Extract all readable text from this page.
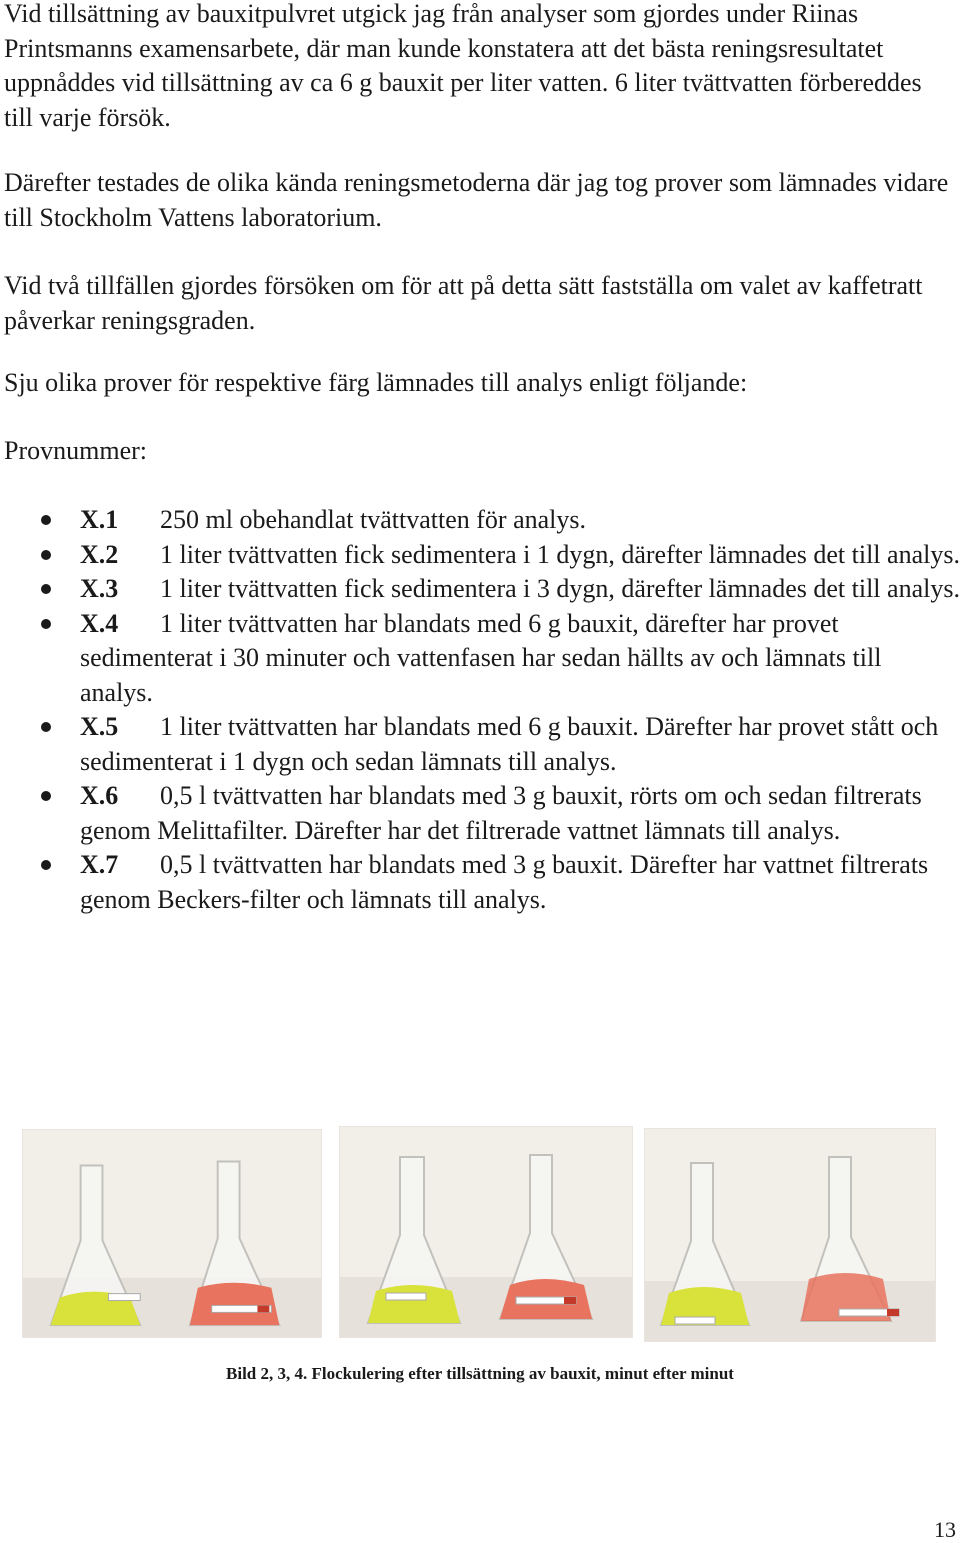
Vid tillsättning av bauxitpulvret utgick jag från analyser som gjordes under Riinas Printsmanns examensarbete, där man kunde konstatera att det bästa reningsresultatet uppnåddes vid tillsättning av ca 6 g bauxit per liter vatten. 6 liter tvättvatten förbereddes till varje försök.

Därefter testades de olika kända reningsmetoderna där jag tog prover som lämnades vidare till Stockholm Vattens laboratorium.

Vid två tillfällen gjordes försöken om för att på detta sätt fastställa om valet av kaffetratt påverkar reningsgraden.

Sju olika prover för respektive färg lämnades till analys enligt följande:

Provnummer:

X.1 250 ml obehandlat tvättvatten för analys.
X.2 1 liter tvättvatten fick sedimentera i 1 dygn, därefter lämnades det till analys.
X.3 1 liter tvättvatten fick sedimentera i 3 dygn, därefter lämnades det till analys.
X.4 1 liter tvättvatten har blandats med 6 g bauxit, därefter har provet sedimenterat i 30 minuter och vattenfasen har sedan hällts av och lämnats till analys.
X.5 1 liter tvättvatten har blandats med 6 g bauxit. Därefter har provet stått och sedimenterat i 1 dygn och sedan lämnats till analys.
X.6 0,5 l tvättvatten har blandats med 3 g bauxit, rörts om och sedan filtrerats genom Melittafilter. Därefter har det filtrerade vattnet lämnats till analys.
X.7 0,5 l tvättvatten har blandats med 3 g bauxit. Därefter har vattnet filtrerats genom Beckers-filter och lämnats till analys.
Bild 2, 3, 4. Flockulering efter tillsättning av bauxit, minut efter minut
13
